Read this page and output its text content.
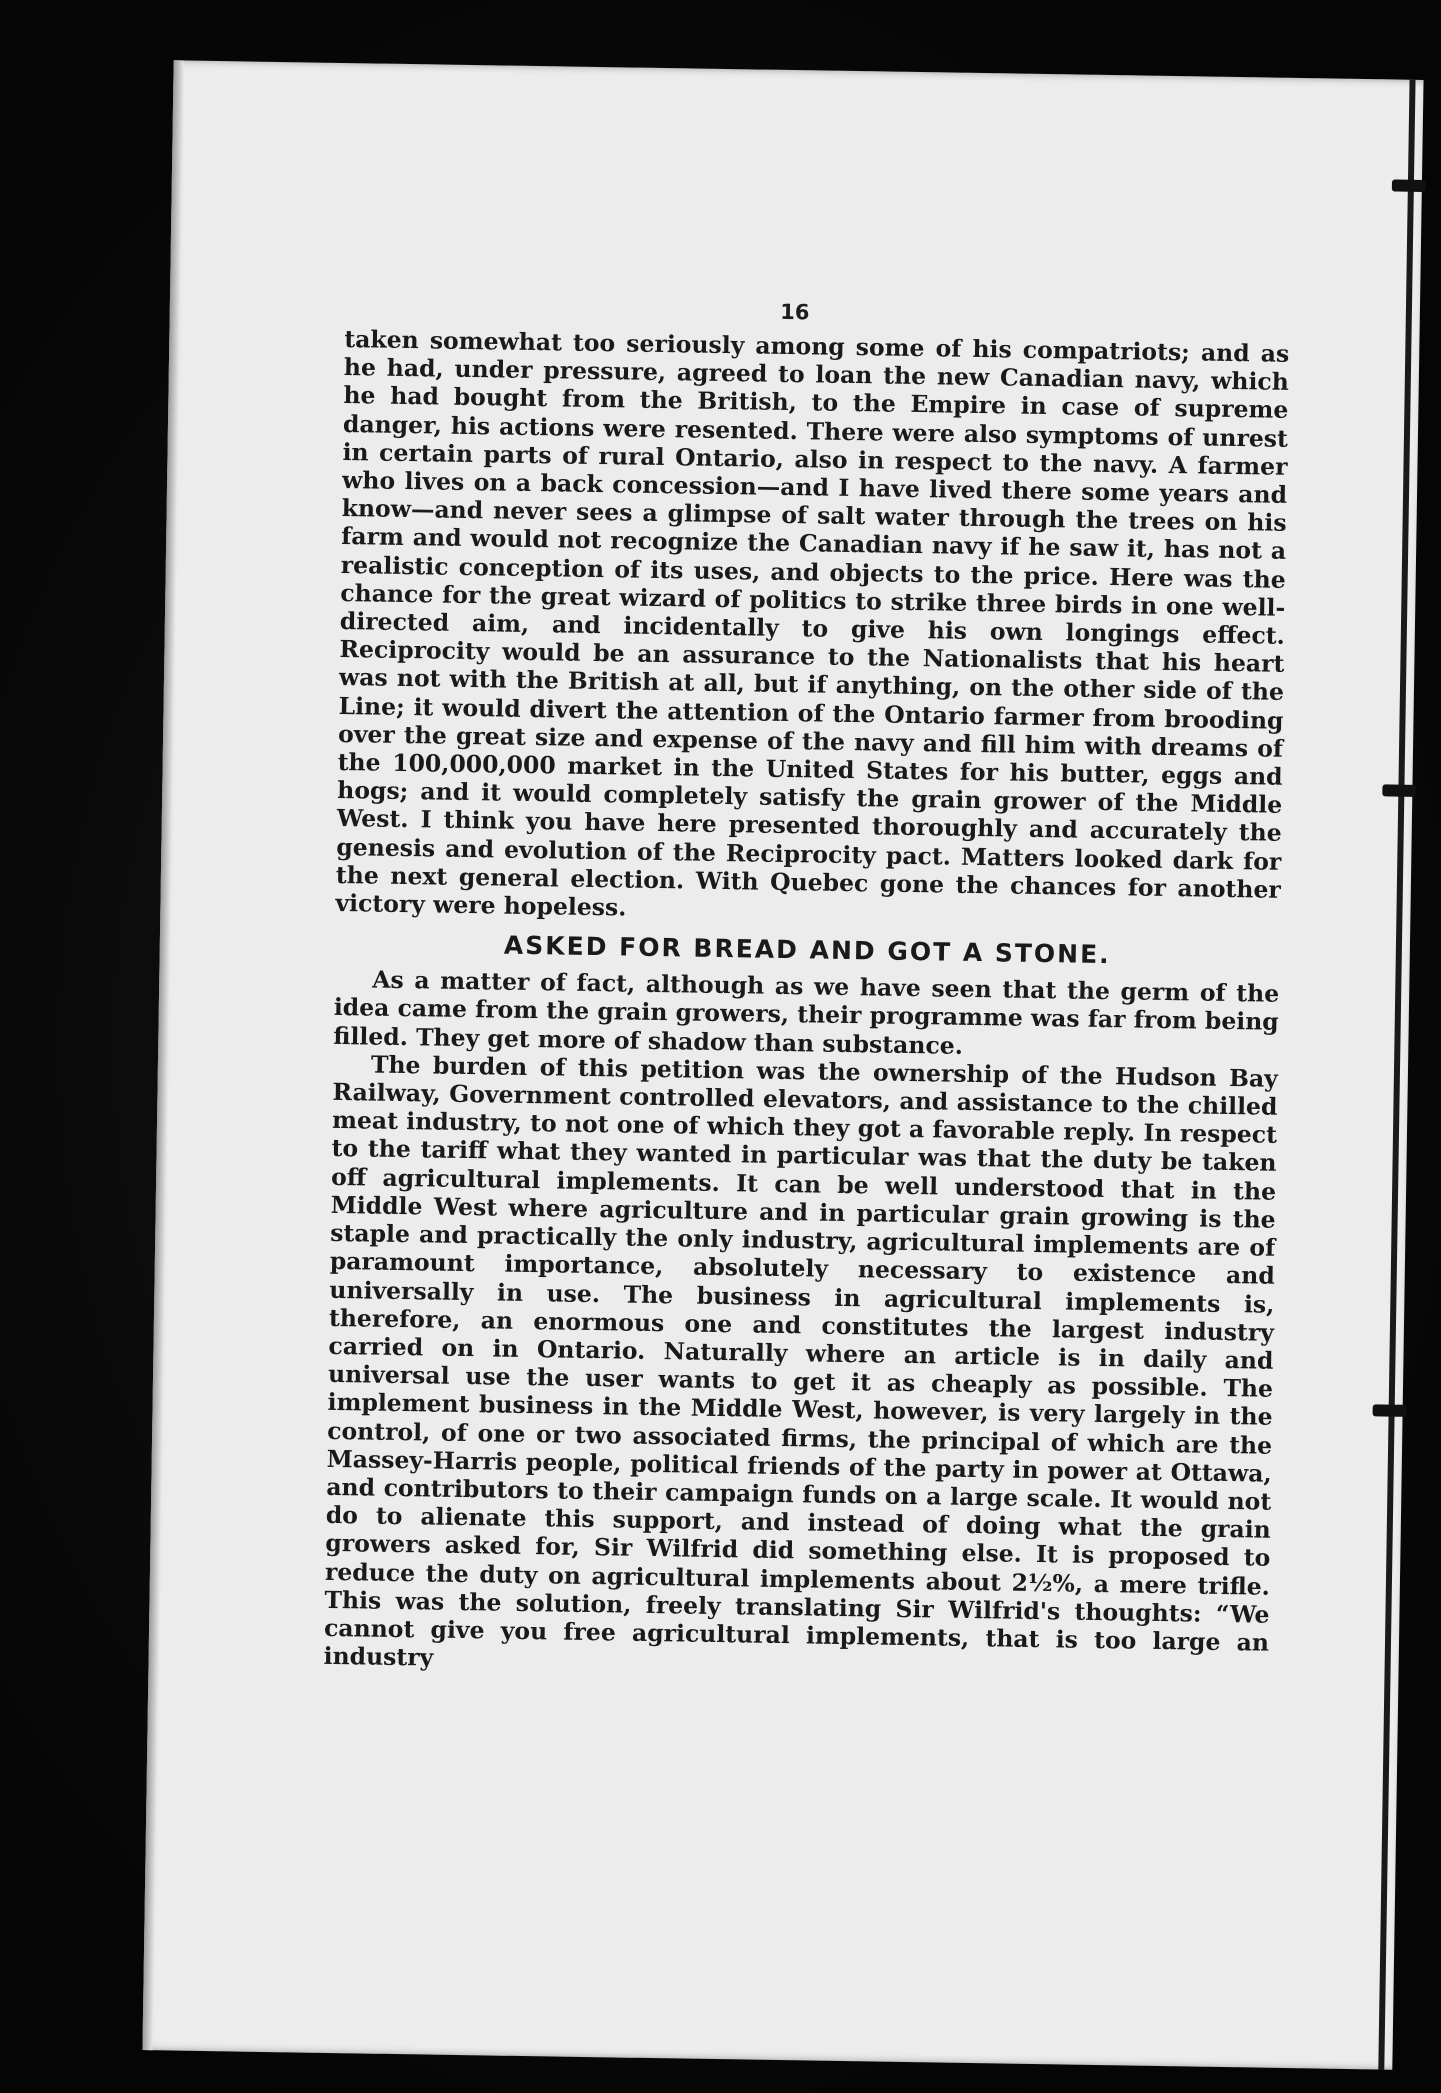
16

taken somewhat too seriously among some of his compatriots; and as he had, under pressure, agreed to loan the new Canadian navy, which he had bought from the British, to the Empire in case of supreme danger, his actions were resented. There were also symptoms of unrest in certain parts of rural Ontario, also in respect to the navy. A farmer who lives on a back concession—and I have lived there some years and know—and never sees a glimpse of salt water through the trees on his farm and would not recognize the Canadian navy if he saw it, has not a realistic conception of its uses, and objects to the price. Here was the chance for the great wizard of politics to strike three birds in one well-directed aim, and incidentally to give his own longings effect. Reciprocity would be an assurance to the Nationalists that his heart was not with the British at all, but if anything, on the other side of the Line; it would divert the attention of the Ontario farmer from brooding over the great size and expense of the navy and fill him with dreams of the 100,000,000 market in the United States for his butter, eggs and hogs; and it would completely satisfy the grain grower of the Middle West. I think you have here presented thoroughly and accurately the genesis and evolution of the Reciprocity pact. Matters looked dark for the next general election. With Quebec gone the chances for another victory were hopeless.

ASKED FOR BREAD AND GOT A STONE.

As a matter of fact, although as we have seen that the germ of the idea came from the grain growers, their programme was far from being filled. They get more of shadow than substance.

The burden of this petition was the ownership of the Hudson Bay Railway, Government controlled elevators, and assistance to the chilled meat industry, to not one of which they got a favorable reply. In respect to the tariff what they wanted in particular was that the duty be taken off agricultural implements. It can be well understood that in the Middle West where agriculture and in particular grain growing is the staple and practically the only industry, agricultural implements are of paramount importance, absolutely necessary to existence and universally in use. The business in agricultural implements is, therefore, an enormous one and constitutes the largest industry carried on in Ontario. Naturally where an article is in daily and universal use the user wants to get it as cheaply as possible. The implement business in the Middle West, however, is very largely in the control, of one or two associated firms, the principal of which are the Massey-Harris people, political friends of the party in power at Ottawa, and contributors to their campaign funds on a large scale. It would not do to alienate this support, and instead of doing what the grain growers asked for, Sir Wilfrid did something else. It is proposed to reduce the duty on agricultural implements about 2½%, a mere trifle. This was the solution, freely translating Sir Wilfrid's thoughts: “We cannot give you free agricultural implements, that is too large an industry
